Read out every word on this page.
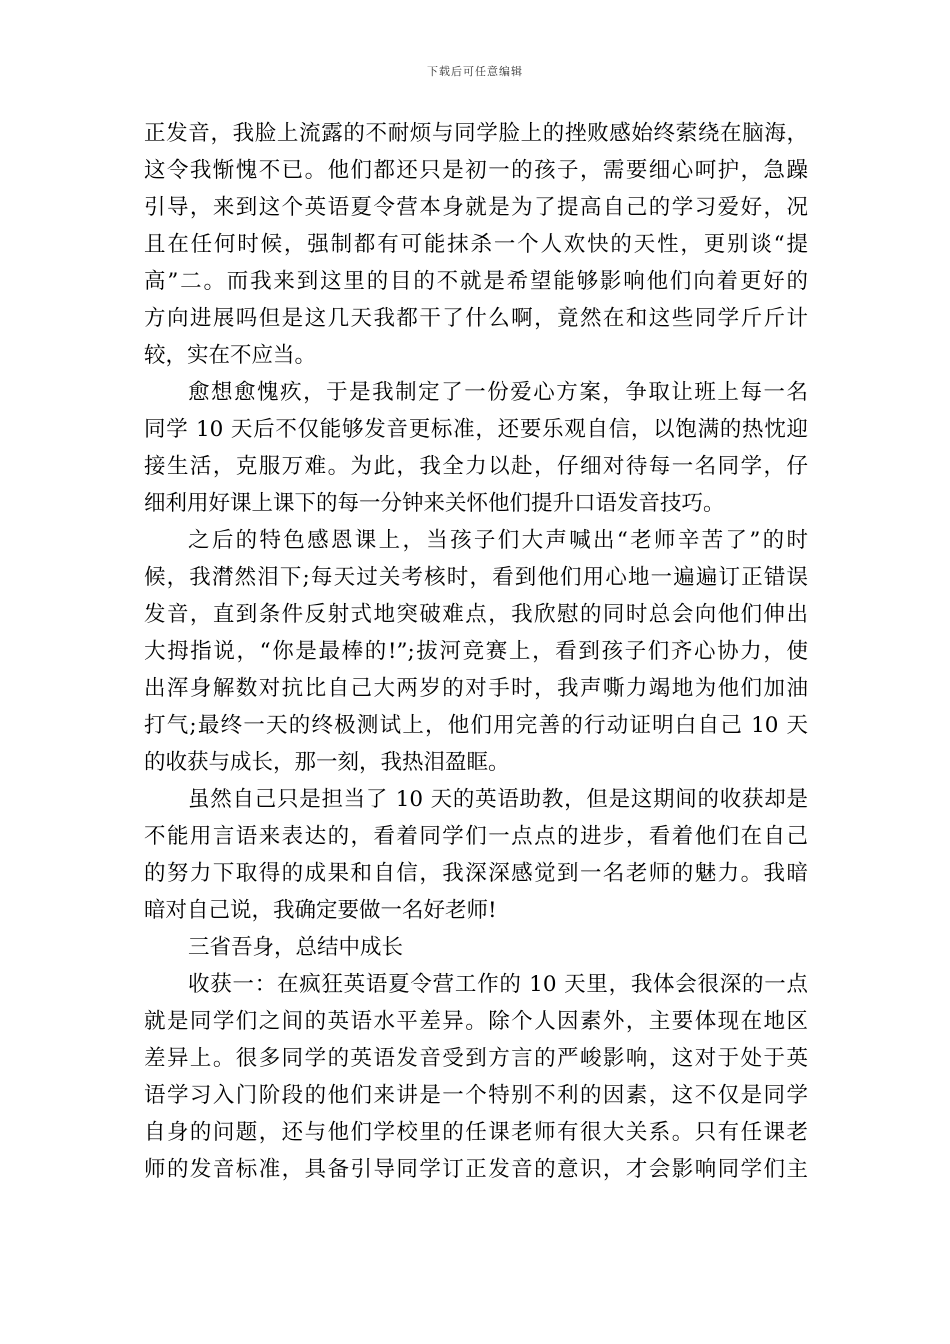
下载后可任意编辑
正发音，我脸上流露的不耐烦与同学脸上的挫败感始终萦绕在脑海，
这令我惭愧不已。他们都还只是初一的孩子，需要细心呵护，急躁
引导，来到这个英语夏令营本身就是为了提高自己的学习爱好，况
且在任何时候，强制都有可能抹杀一个人欢快的天性，更别谈“提
高”二。而我来到这里的目的不就是希望能够影响他们向着更好的
方向进展吗但是这几天我都干了什么啊，竟然在和这些同学斤斤计
较，实在不应当。
愈想愈愧疚，于是我制定了一份爱心方案，争取让班上每一名
同学 10 天后不仅能够发音更标准，还要乐观自信，以饱满的热忱迎
接生活，克服万难。为此，我全力以赴，仔细对待每一名同学，仔
细利用好课上课下的每一分钟来关怀他们提升口语发音技巧。
之后的特色感恩课上，当孩子们大声喊出“老师辛苦了”的时
候，我潸然泪下;每天过关考核时，看到他们用心地一遍遍订正错误
发音，直到条件反射式地突破难点，我欣慰的同时总会向他们伸出
大拇指说，“你是最棒的!”;拔河竞赛上，看到孩子们齐心协力，使
出浑身解数对抗比自己大两岁的对手时，我声嘶力竭地为他们加油
打气;最终一天的终极测试上，他们用完善的行动证明白自己 10 天
的收获与成长，那一刻，我热泪盈眶。
虽然自己只是担当了 10 天的英语助教，但是这期间的收获却是
不能用言语来表达的，看着同学们一点点的进步，看着他们在自己
的努力下取得的成果和自信，我深深感觉到一名老师的魅力。我暗
暗对自己说，我确定要做一名好老师!
三省吾身，总结中成长
收获一：在疯狂英语夏令营工作的 10 天里，我体会很深的一点
就是同学们之间的英语水平差异。除个人因素外，主要体现在地区
差异上。很多同学的英语发音受到方言的严峻影响，这对于处于英
语学习入门阶段的他们来讲是一个特别不利的因素，这不仅是同学
自身的问题，还与他们学校里的任课老师有很大关系。只有任课老
师的发音标准，具备引导同学订正发音的意识，才会影响同学们主
